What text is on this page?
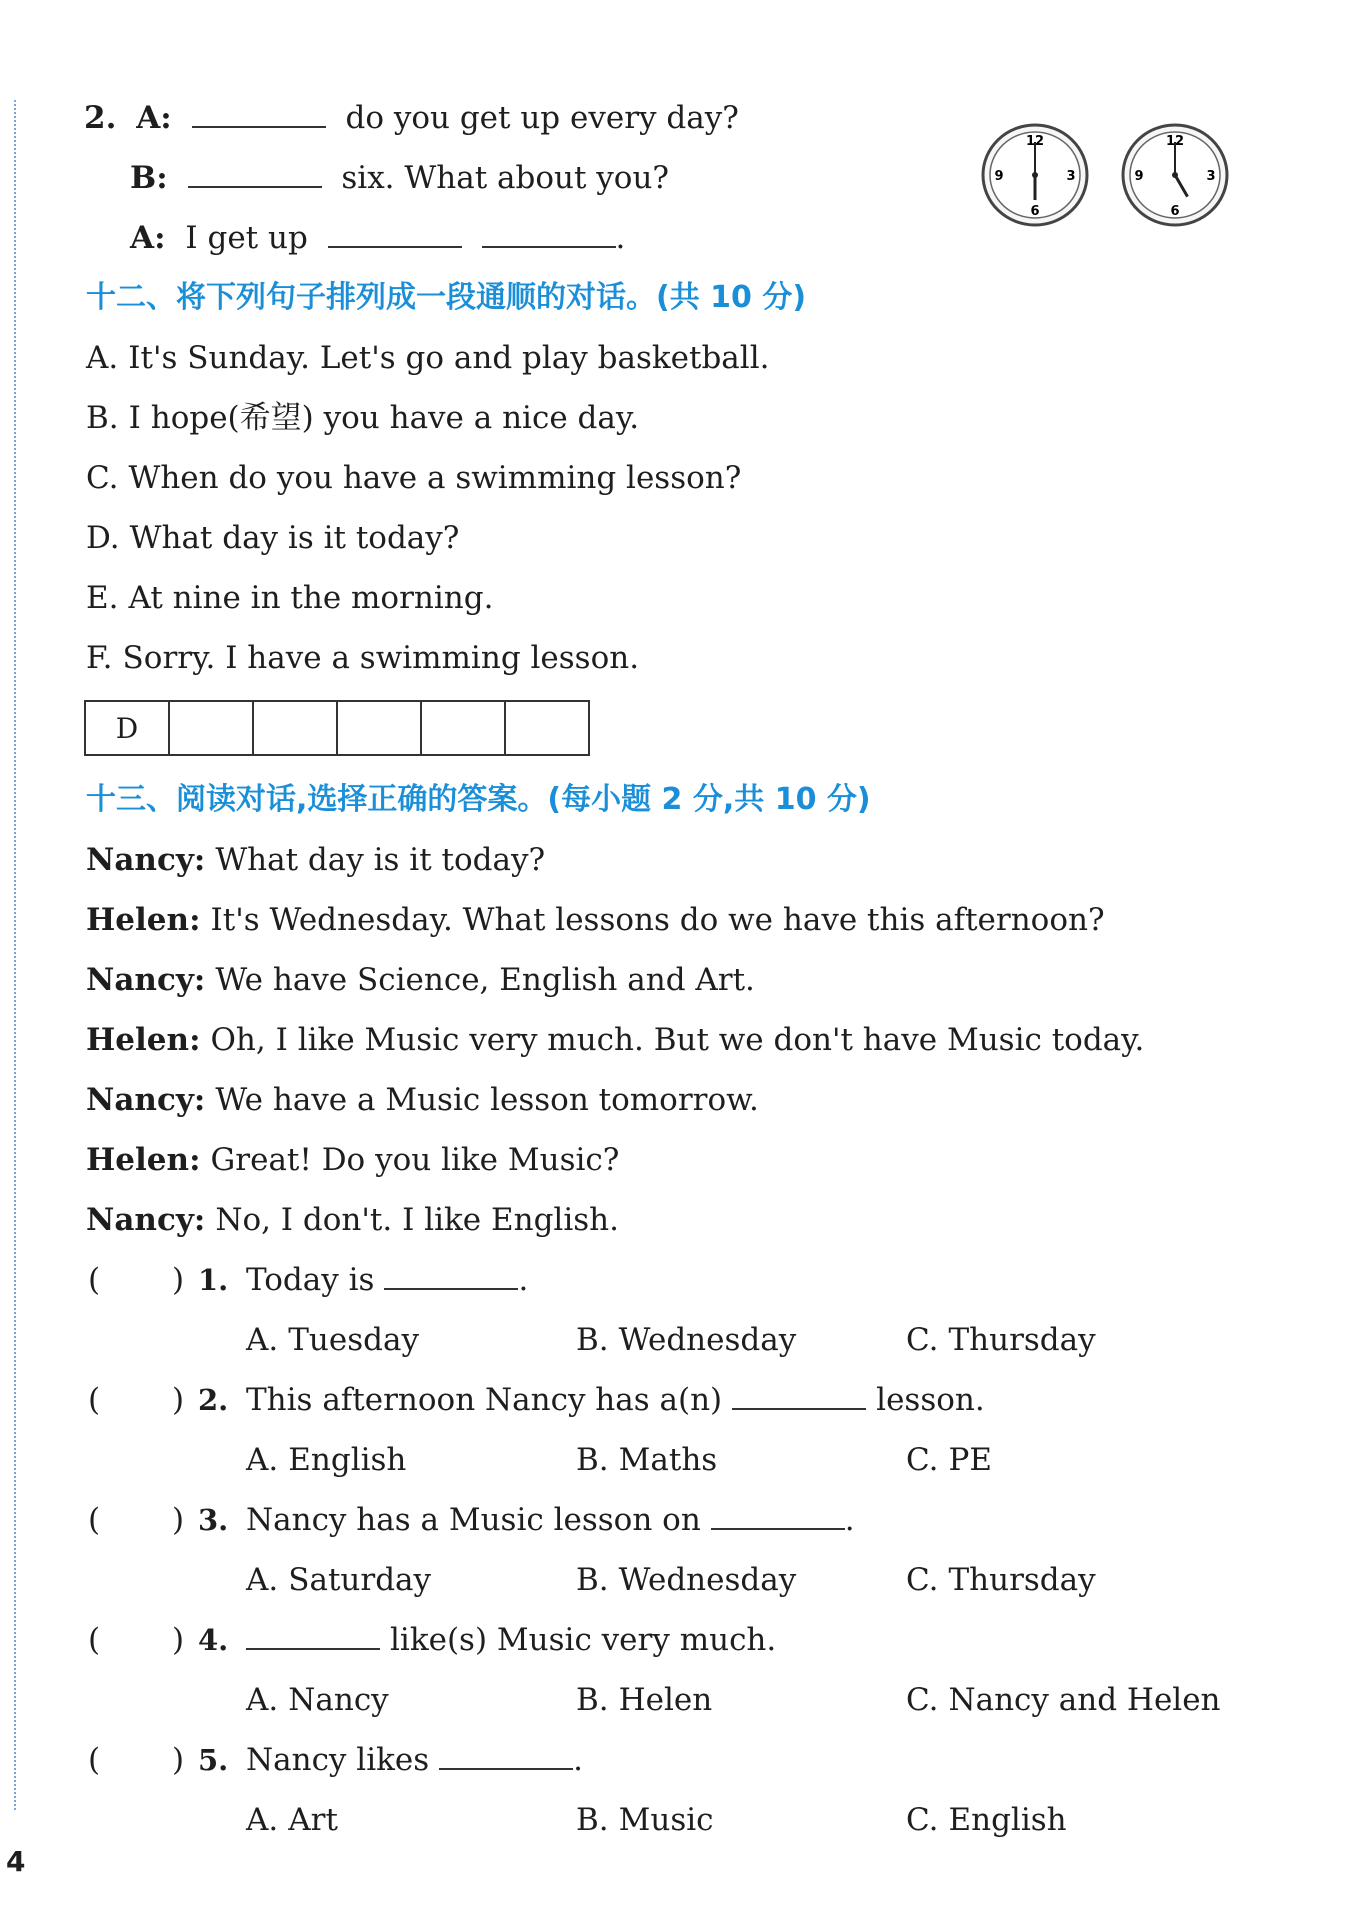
2. A:	do you get up every day?
B:	six. What about you?
A: I get up	.
12
3
6
9
12
3
6
9
十二、将下列句子排列成一段通顺的对话。(共 10 分)
A. It's Sunday. Let's go and play basketball.
B. I hope(希望) you have a nice day.
C. When do you have a swimming lesson?
D. What day is it today?
E. At nine in the morning.
F. Sorry. I have a swimming lesson.
D					
十三、阅读对话,选择正确的答案。(每小题 2 分,共 10 分)
Nancy: What day is it today?
Helen: It's Wednesday. What lessons do we have this afternoon?
Nancy: We have Science, English and Art.
Helen: Oh, I like Music very much. But we don't have Music today.
Nancy: We have a Music lesson tomorrow.
Helen: Great! Do you like Music?
Nancy: No, I don't. I like English.
( ) 1. Today is	.
A. Tuesday	B. Wednesday	C. Thursday
( ) 2. This afternoon Nancy has a(n)	lesson.
A. English	B. Maths	C. PE
( ) 3. Nancy has a Music lesson on	.
A. Saturday	B. Wednesday	C. Thursday
( ) 4.	like(s) Music very much.
A. Nancy	B. Helen	C. Nancy and Helen
( ) 5. Nancy likes	.
A. Art	B. Music	C. English
4
